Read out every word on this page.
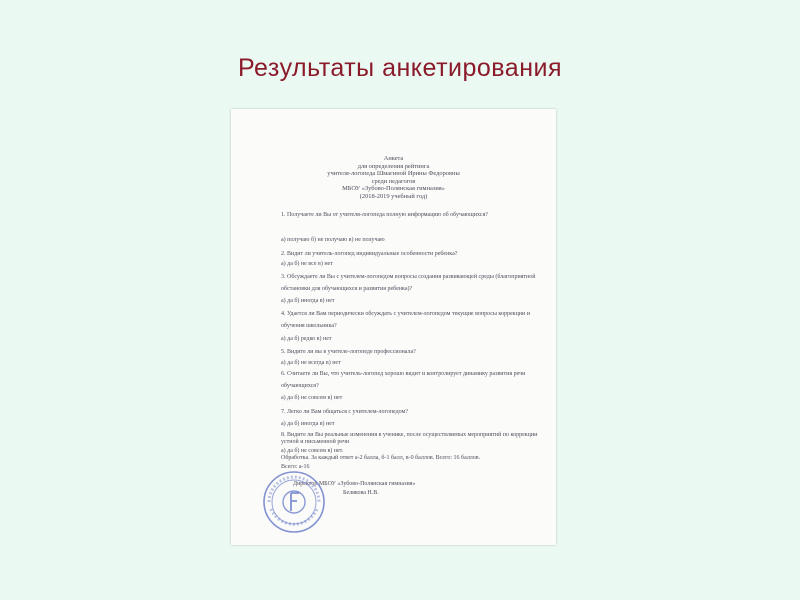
Результаты анкетирования
Анкета
для определения рейтинга
учителя-логопеда Шмагиной Ирины Федоровны
среди педагогов
МБОУ «Зубово-Полянская гимназия»
(2018-2019 учебный год)
1. Получаете ли Вы от учителя-логопеда полную информацию об обучающихся?
а) получаю б) не получаю в) не получаю
2. Видит ли учитель-логопед индивидуальные особенности ребенка?
а) да б) не все в) нет
3. Обсуждаете ли Вы с учителем-логопедом вопросы создания развивающей среды (благоприятной обстановки для обучающихся и развития ребенка)?
а) да б) иногда в) нет
4. Удается ли Вам периодически обсуждать с учителем-логопедом текущие вопросы коррекции и обучения школьника?
а) да б) редко в) нет
5. Видите ли вы в учителе-логопеде профессионала?
а) да б) не всегда в) нет
6. Считаете ли Вы, что учитель-логопед хорошо видит и контролирует динамику развития речи обучающихся?
а) да б) не совсем в) нет
7. Легко ли Вам общаться с учителем-логопедом?
а) да б) иногда в) нет
8. Видите ли Вы реальные изменения в ученике, после осуществляемых мероприятий по коррекции устной и письменной речи
а) да б) не совсем в) нет.
Обработка. За каждый ответ а-2 балла, б-1 балл, в-0 баллов. Всего: 16 баллов.
Всего: а-16
Директор МБОУ «Зубово-Полянская гимназия»
Белякова Н.В.
